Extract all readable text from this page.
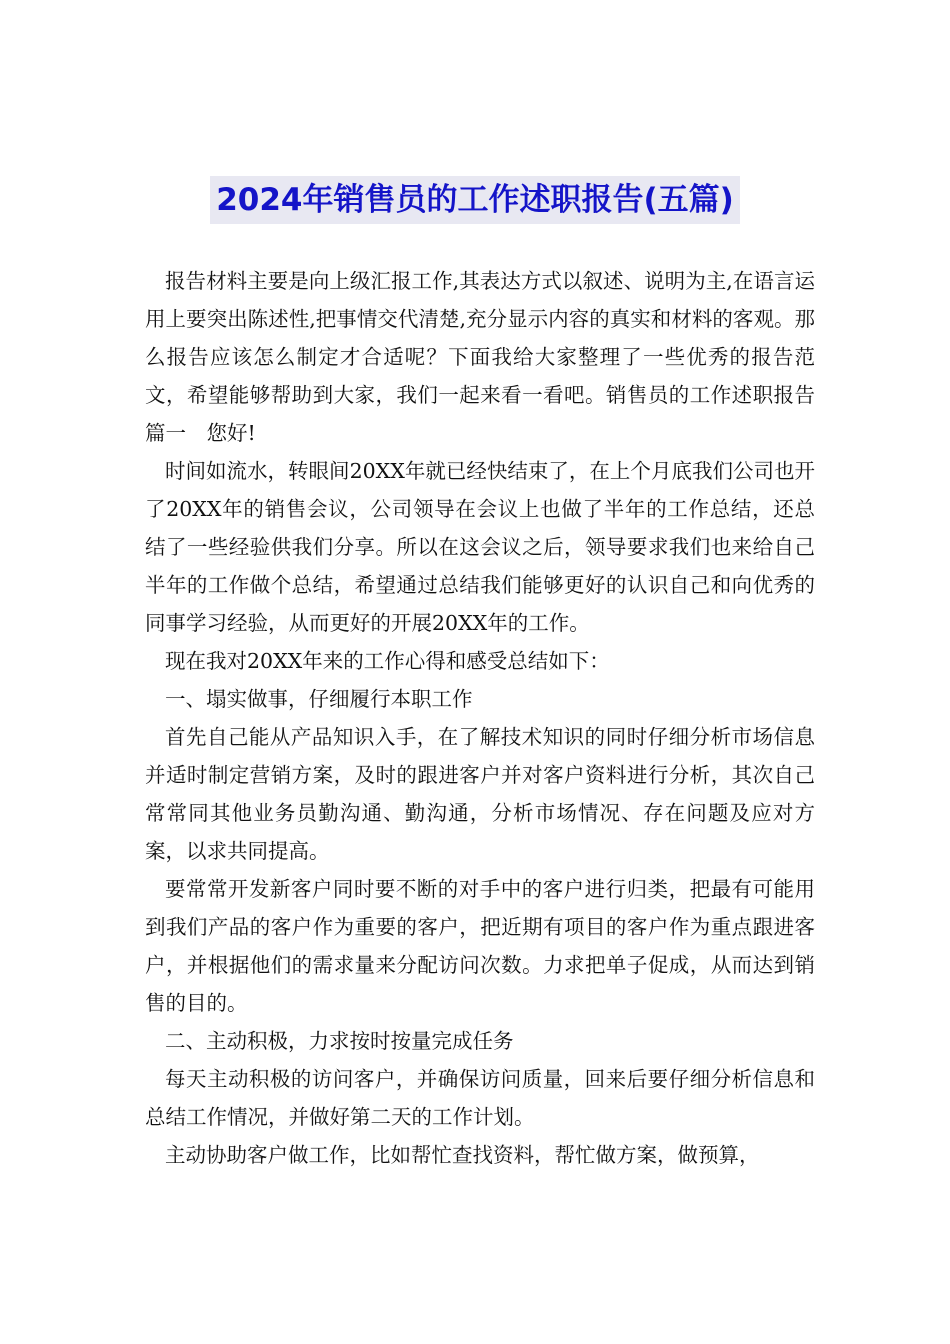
2024年销售员的工作述职报告(五篇)

报告材料主要是向上级汇报工作,其表达方式以叙述、说明为主,在语言运用上要突出陈述性,把事情交代清楚,充分显示内容的真实和材料的客观。那么报告应该怎么制定才合适呢？下面我给大家整理了一些优秀的报告范文，希望能够帮助到大家，我们一起来看一看吧。销售员的工作述职报告篇一　您好!

时间如流水，转眼间20XX年就已经快结束了，在上个月底我们公司也开了20XX年的销售会议，公司领导在会议上也做了半年的工作总结，还总结了一些经验供我们分享。所以在这会议之后，领导要求我们也来给自己半年的工作做个总结，希望通过总结我们能够更好的认识自己和向优秀的同事学习经验，从而更好的开展20XX年的工作。

现在我对20XX年来的工作心得和感受总结如下：

一、塌实做事，仔细履行本职工作

首先自己能从产品知识入手，在了解技术知识的同时仔细分析市场信息并适时制定营销方案，及时的跟进客户并对客户资料进行分析，其次自己常常同其他业务员勤沟通、勤沟通，分析市场情况、存在问题及应对方案，以求共同提高。

要常常开发新客户同时要不断的对手中的客户进行归类，把最有可能用到我们产品的客户作为重要的客户，把近期有项目的客户作为重点跟进客户，并根据他们的需求量来分配访问次数。力求把单子促成，从而达到销售的目的。

二、主动积极，力求按时按量完成任务

每天主动积极的访问客户，并确保访问质量，回来后要仔细分析信息和总结工作情况，并做好第二天的工作计划。

主动协助客户做工作，比如帮忙查找资料，帮忙做方案，做预算，
